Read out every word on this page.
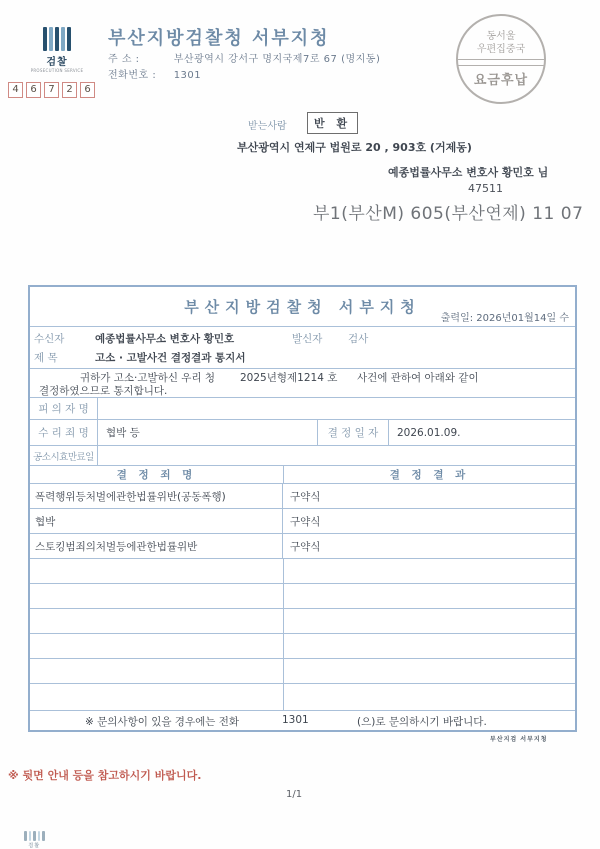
검찰
PROSECUTION SERVICE
부산지방검찰청 서부지청
주 소 :	부산광역시 강서구 명지국제7로 67 (명지동)
전화번호 : 1301
4	6	7	2	6
동서울
우편집중국
요금후납
받는사람	반 환
부산광역시 연제구 법원로 20 , 903호 (거제동)
예종법률사무소 변호사 황민호 님
47511
부1(부산M) 605(부산연제) 11 07
부산지방검찰청 서부지청
출력일: 2026년01월14일 수
수신자	예종법률사무소 변호사 황민호	발신자 검사
제 목	고소 · 고발사건 결정결과 통지서
귀하가 고소·고발하신 우리 청 2025년형제1214 호 사건에 관하여 아래와 같이
결정하였으므로 통지합니다.
피 의 자 명
수 리 죄 명	협박 등	결 정 일 자	2026.01.09.
공소시효만료일
결 정 죄 명	결 정 결 과
폭력행위등처벌에관한법률위반(공동폭행)	구약식
협박	구약식
스토킹범죄의처벌등에관한법률위반	구약식
※ 문의사항이 있을 경우에는 전화	1301	(으)로 문의하시기 바랍니다.
부산지검 서부지청
※ 뒷면 안내 등을 참고하시기 바랍니다.
1/1
검찰
